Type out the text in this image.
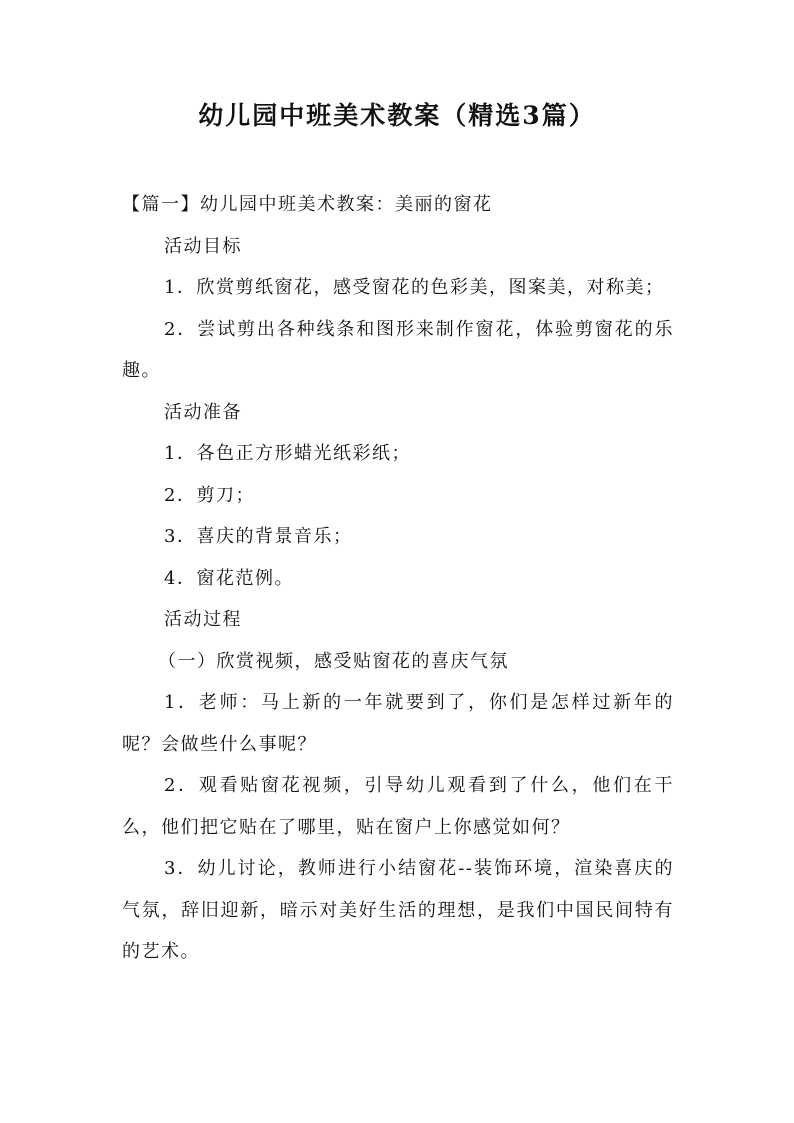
幼儿园中班美术教案（精选3篇）

【篇一】幼儿园中班美术教案：美丽的窗花

活动目标

1．欣赏剪纸窗花，感受窗花的色彩美，图案美，对称美；

2．尝试剪出各种线条和图形来制作窗花，体验剪窗花的乐趣。

活动准备

1．各色正方形蜡光纸彩纸；

2．剪刀；

3．喜庆的背景音乐；

4．窗花范例。

活动过程

（一）欣赏视频，感受贴窗花的喜庆气氛

1．老师：马上新的一年就要到了，你们是怎样过新年的呢？会做些什么事呢？

2．观看贴窗花视频，引导幼儿观看到了什么，他们在干么，他们把它贴在了哪里，贴在窗户上你感觉如何？

3．幼儿讨论，教师进行小结窗花--装饰环境，渲染喜庆的气氛，辞旧迎新，暗示对美好生活的理想，是我们中国民间特有的艺术。
